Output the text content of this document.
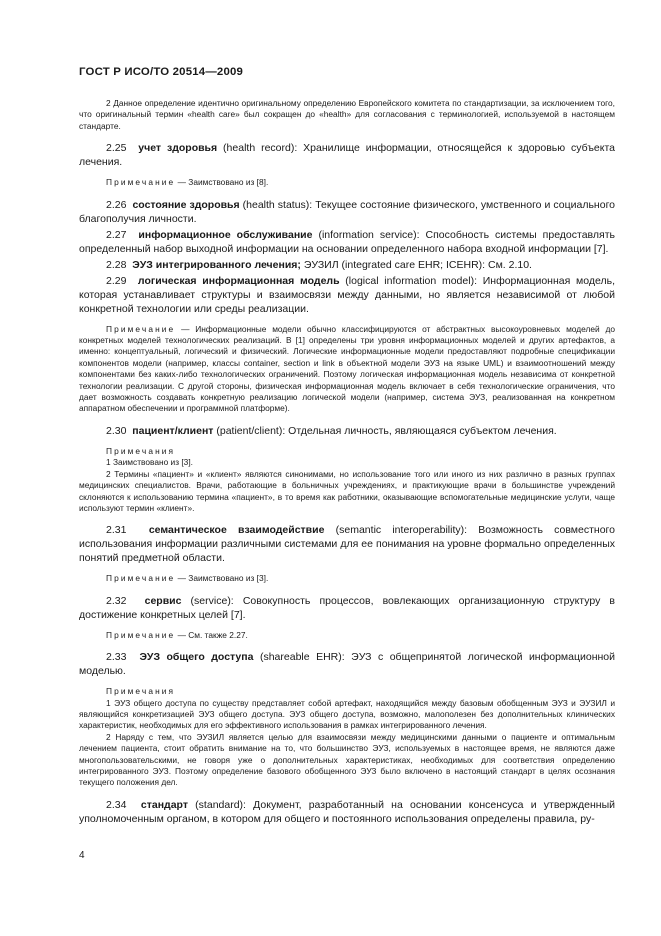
ГОСТ Р ИСО/ТО 20514—2009

2 Данное определение идентично оригинальному определению Европейского комитета по стандартизации, за исключением того, что оригинальный термин «health care» был сокращен до «health» для согласования с терминологией, используемой в настоящем стандарте.

2.25 учет здоровья (health record): Хранилище информации, относящейся к здоровью субъекта лечения.

Примечание — Заимствовано из [8].

2.26 состояние здоровья (health status): Текущее состояние физического, умственного и социального благополучия личности.

2.27 информационное обслуживание (information service): Способность системы предоставлять определенный набор выходной информации на основании определенного набора входной информации [7].

2.28 ЭУЗ интегрированного лечения; ЭУЗИЛ (integrated care EHR; ICEHR): См. 2.10.

2.29 логическая информационная модель (logical information model): Информационная модель, которая устанавливает структуры и взаимосвязи между данными, но является независимой от любой конкретной технологии или среды реализации.

Примечание — Информационные модели обычно классифицируются от абстрактных высокоуровневых моделей до конкретных моделей технологических реализаций. В [1] определены три уровня информационных моделей и других артефактов, а именно: концептуальный, логический и физический. Логические информационные модели предоставляют подробные спецификации компонентов модели (например, классы container, section и link в объектной модели ЭУЗ на языке UML) и взаимоотношений между компонентами без каких-либо технологических ограничений. Поэтому логическая информационная модель независима от конкретной технологии реализации. С другой стороны, физическая информационная модель включает в себя технологические ограничения, что дает возможность создавать конкретную реализацию логической модели (например, система ЭУЗ, реализованная на конкретном аппаратном обеспечении и программной платформе).

2.30 пациент/клиент (patient/client): Отдельная личность, являющаяся субъектом лечения.

Примечания

1 Заимствовано из [3].

2 Термины «пациент» и «клиент» являются синонимами, но использование того или иного из них различно в разных группах медицинских специалистов. Врачи, работающие в больничных учреждениях, и практикующие врачи в большинстве учреждений склоняются к использованию термина «пациент», в то время как работники, оказывающие вспомогательные медицинские услуги, чаще используют термин «клиент».

2.31 семантическое взаимодействие (semantic interoperability): Возможность совместного использования информации различными системами для ее понимания на уровне формально определенных понятий предметной области.

Примечание — Заимствовано из [3].

2.32 сервис (service): Совокупность процессов, вовлекающих организационную структуру в достижение конкретных целей [7].

Примечание — См. также 2.27.

2.33 ЭУЗ общего доступа (shareable EHR): ЭУЗ с общепринятой логической информационной моделью.

Примечания

1 ЭУЗ общего доступа по существу представляет собой артефакт, находящийся между базовым обобщенным ЭУЗ и ЭУЗИЛ и являющийся конкретизацией ЭУЗ общего доступа. ЭУЗ общего доступа, возможно, малополезен без дополнительных клинических характеристик, необходимых для его эффективного использования в рамках интегрированного лечения.

2 Наряду с тем, что ЭУЗИЛ является целью для взаимосвязи между медицинскими данными о пациенте и оптимальным лечением пациента, стоит обратить внимание на то, что большинство ЭУЗ, используемых в настоящее время, не являются даже многопользовательскими, не говоря уже о дополнительных характеристиках, необходимых для соответствия определению интегрированного ЭУЗ. Поэтому определение базового обобщенного ЭУЗ было включено в настоящий стандарт в целях осознания текущего положения дел.

2.34 стандарт (standard): Документ, разработанный на основании консенсуса и утвержденный уполномоченным органом, в котором для общего и постоянного использования определены правила, ру-

4
